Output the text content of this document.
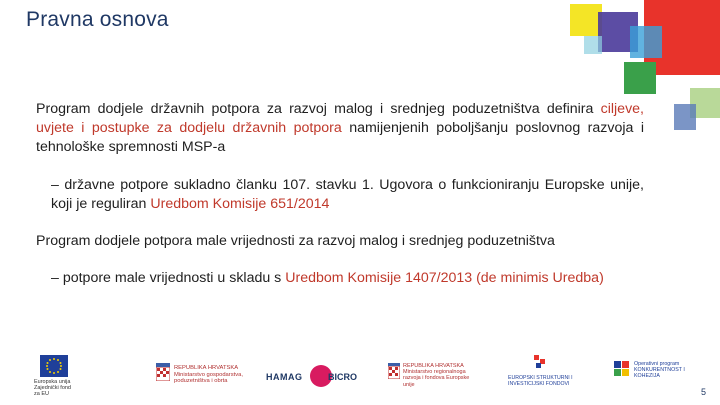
Pravna osnova

Program dodjele državnih potpora za razvoj malog i srednjeg poduzetništva definira ciljeve, uvjete i postupke za dodjelu državnih potpora namijenjenih poboljšanju poslovnog razvoja i tehnološke spremnosti MSP-a

– državne potpore sukladno članku 107. stavku 1. Ugovora o funkcioniranju Europske unije, koji je reguliran Uredbom Komisije 651/2014

Program dodjele potpora male vrijednosti za razvoj malog i srednjeg poduzetništva

– potpore male vrijednosti u skladu s Uredbom Komisije 1407/2013 (de minimis Uredba)

Europska unija Zajednički fond za EU
REPUBLIKA HRVATSKA Ministarstvo gospodarstva, poduzetništva i obrta	HAMAG	BICRO
REPUBLIKA HRVATSKA Ministarstvo regionalnoga razvoja i fondova Europske unije
EUROPSKI STRUKTURNI I INVESTICIJSKI FONDOVI
Operativni program KONKURENTNOST I KOHEZIJA
5
